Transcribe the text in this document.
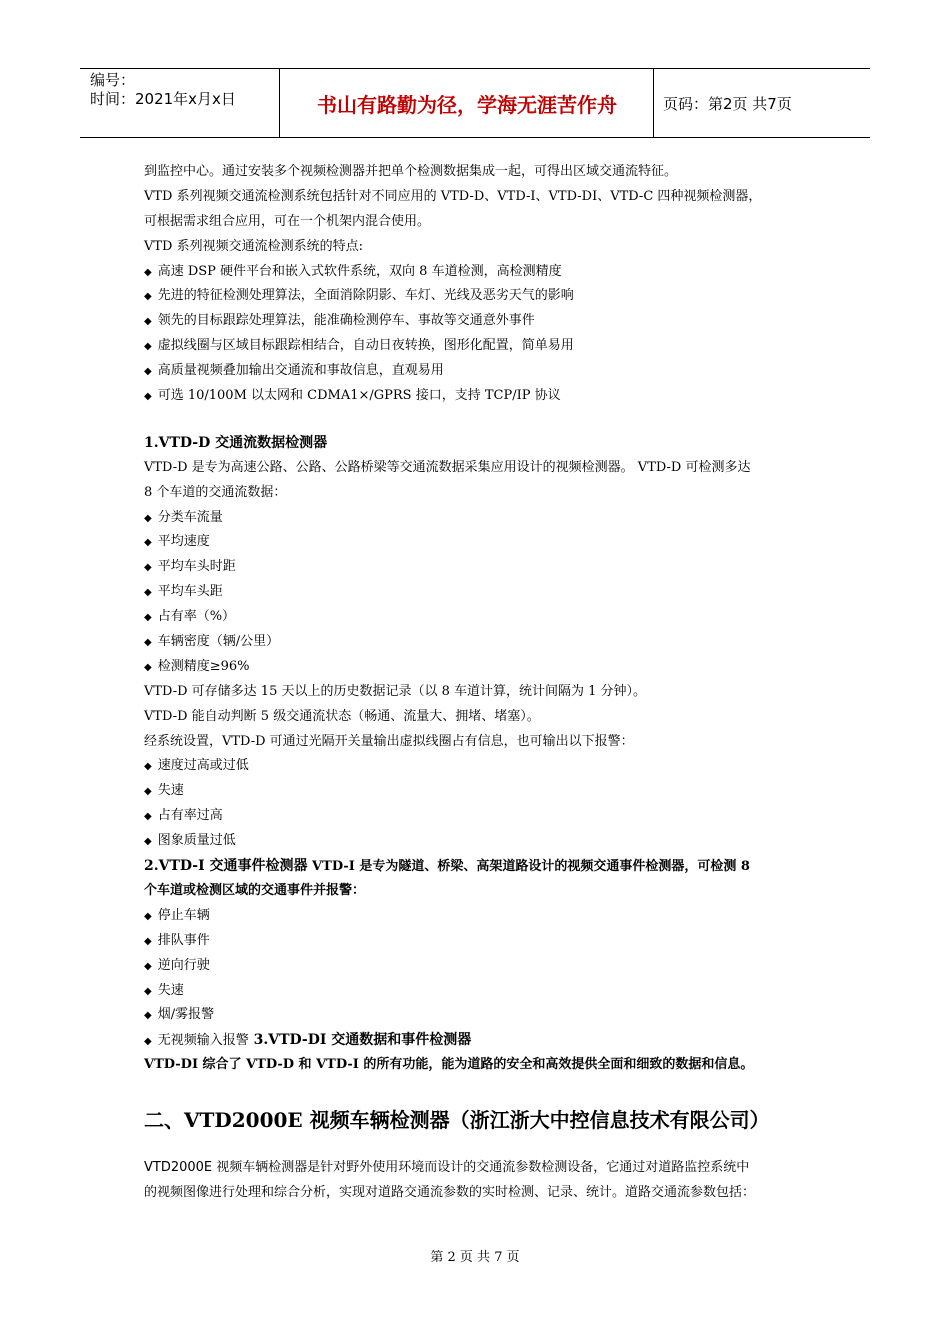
编号：
时间：2021年x月x日	书山有路勤为径，学海无涯苦作舟	页码：第2页 共7页
到监控中心。通过安装多个视频检测器并把单个检测数据集成一起，可得出区域交通流特征。
VTD 系列视频交通流检测系统包括针对不同应用的 VTD-D、VTD-I、VTD-DI、VTD-C 四种视频检测器，
可根据需求组合应用，可在一个机架内混合使用。
VTD 系列视频交通流检测系统的特点:
◆ 高速 DSP 硬件平台和嵌入式软件系统，双向 8 车道检测，高检测精度
◆ 先进的特征检测处理算法，全面消除阴影、车灯、光线及恶劣天气的影响
◆ 领先的目标跟踪处理算法，能准确检测停车、事故等交通意外事件
◆ 虚拟线圈与区域目标跟踪相结合，自动日夜转换，图形化配置，简单易用
◆ 高质量视频叠加输出交通流和事故信息，直观易用
◆ 可选 10/100M 以太网和 CDMA1×/GPRS 接口，支持 TCP/IP 协议
1.VTD-D 交通流数据检测器
VTD-D 是专为高速公路、公路、公路桥梁等交通流数据采集应用设计的视频检测器。 VTD-D 可检测多达
8 个车道的交通流数据：
◆ 分类车流量
◆ 平均速度
◆ 平均车头时距
◆ 平均车头距
◆ 占有率（%）
◆ 车辆密度（辆/公里）
◆ 检测精度≥96%
VTD-D 可存储多达 15 天以上的历史数据记录（以 8 车道计算，统计间隔为 1 分钟）。
VTD-D 能自动判断 5 级交通流状态（畅通、流量大、拥堵、堵塞）。
经系统设置，VTD-D 可通过光隔开关量输出虚拟线圈占有信息，也可输出以下报警：
◆ 速度过高或过低
◆ 失速
◆ 占有率过高
◆ 图象质量过低
2.VTD-I 交通事件检测器 VTD-I 是专为隧道、桥梁、高架道路设计的视频交通事件检测器，可检测 8
个车道或检测区域的交通事件并报警：
◆ 停止车辆
◆ 排队事件
◆ 逆向行驶
◆ 失速
◆ 烟/雾报警
◆ 无视频输入报警 3.VTD-DI 交通数据和事件检测器
VTD-DI 综合了 VTD-D 和 VTD-I 的所有功能，能为道路的安全和高效提供全面和细致的数据和信息。
二、VTD2000E 视频车辆检测器（浙江浙大中控信息技术有限公司）
VTD2000E 视频车辆检测器是针对野外使用环境而设计的交通流参数检测设备，它通过对道路监控系统中
的视频图像进行处理和综合分析，实现对道路交通流参数的实时检测、记录、统计。道路交通流参数包括：
第 2 页 共 7 页
